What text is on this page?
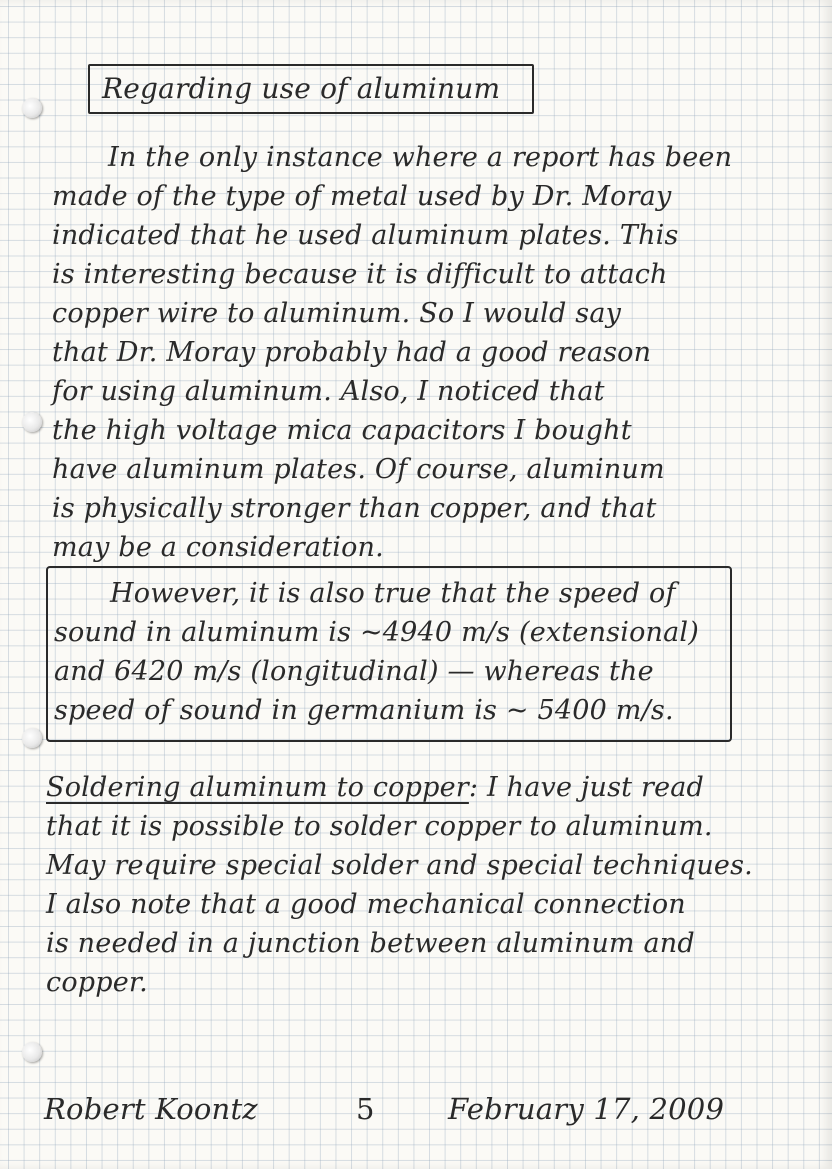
Regarding use of aluminum

In the only instance where a report has been
made of the type of metal used by Dr. Moray
indicated that he used aluminum plates. This
is interesting because it is difficult to attach
copper wire to aluminum. So I would say
that Dr. Moray probably had a good reason
for using aluminum. Also, I noticed that
the high voltage mica capacitors I bought
have aluminum plates. Of course, aluminum
is physically stronger than copper, and that
may be a consideration.
However, it is also true that the speed of
sound in aluminum is ~4940 m/s (extensional)
and 6420 m/s (longitudinal) — whereas the
speed of sound in germanium is ~ 5400 m/s.
Soldering aluminum to copper: I have just read
that it is possible to solder copper to aluminum.
May require special solder and special techniques.
I also note that a good mechanical connection
is needed in a junction between aluminum and
copper.

Robert Koontz	5	February 17, 2009
